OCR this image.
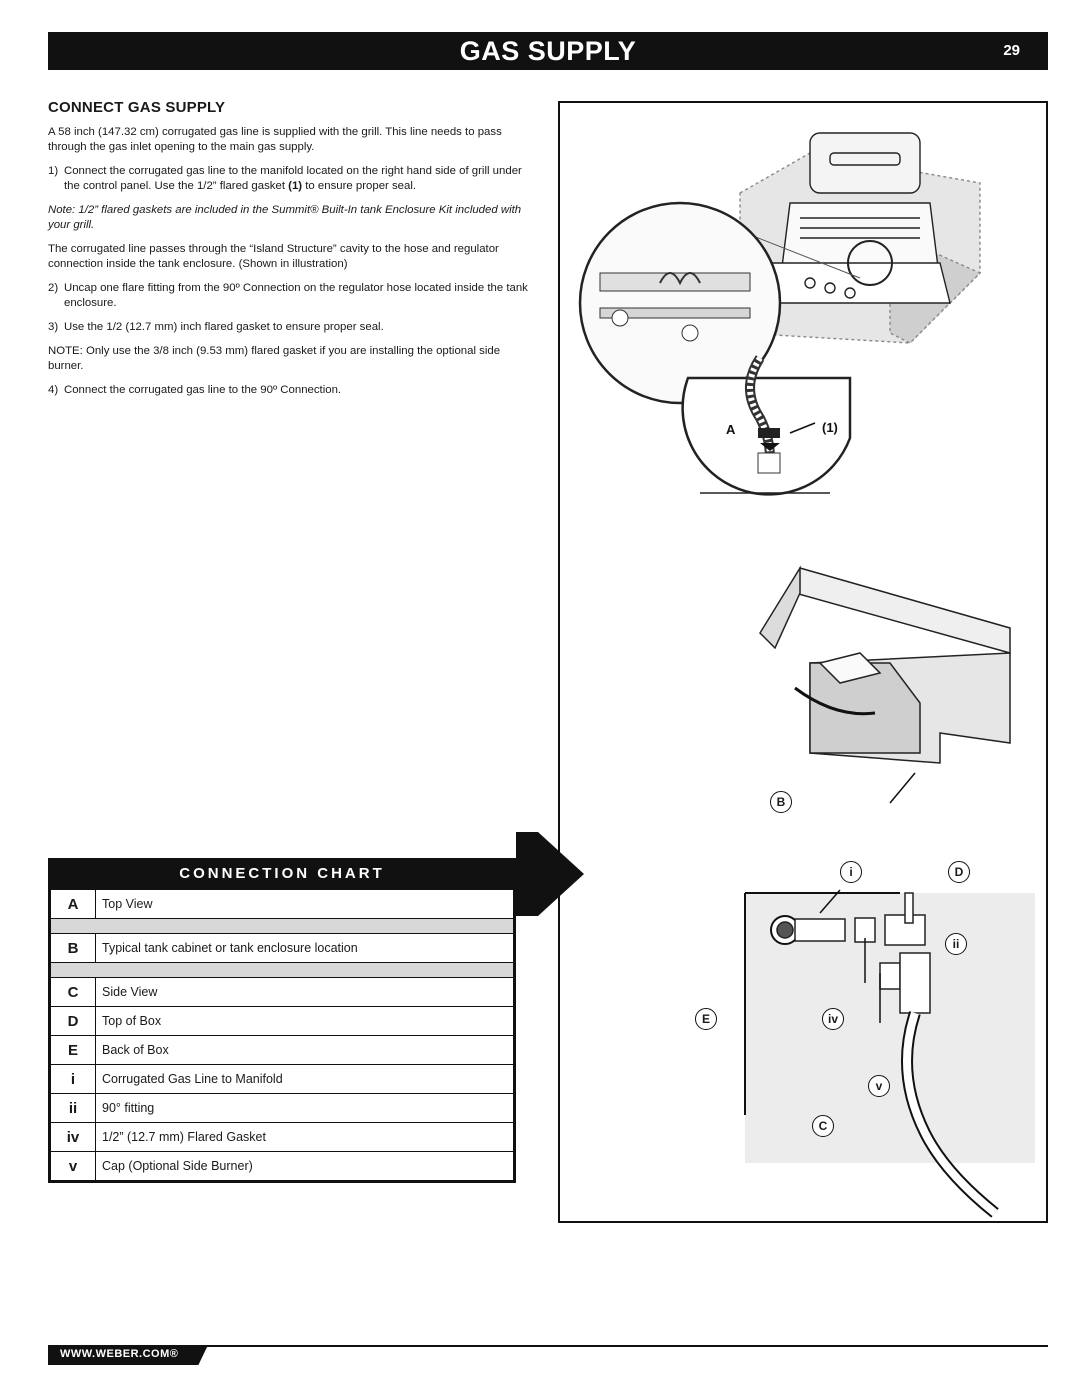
GAS SUPPLY	29
CONNECT GAS SUPPLY

A 58 inch (147.32 cm) corrugated gas line is supplied with the grill. This line needs to pass through the gas inlet opening to the main gas supply.

1) Connect the corrugated gas line to the manifold located on the right hand side of grill under the control panel. Use the 1/2” flared gasket (1) to ensure proper seal.

Note: 1/2” flared gaskets are included in the Summit® Built-In tank Enclosure Kit included with your grill.

The corrugated line passes through the “Island Structure” cavity to the hose and regulator connection inside the tank enclosure. (Shown in illustration)

2) Uncap one flare fitting from the 90º Connection on the regulator hose located inside the tank enclosure.
3) Use the 1/2 (12.7 mm) inch flared gasket to ensure proper seal.

NOTE: Only use the 3/8 inch (9.53 mm) flared gasket if you are installing the optional side burner.

4) Connect the corrugated gas line to the 90º Connection.
CONNECTION CHART
A	Top View
B	Typical tank cabinet or tank enclosure location
C	Side View
D	Top of Box
E	Back of Box
i	Corrugated Gas Line to Manifold
ii	90° fitting
iv	1/2” (12.7 mm) Flared Gasket
v	Cap (Optional Side Burner)
A	(1)
B
i	D
ii
E	iv
v
C
WWW.WEBER.COM®
